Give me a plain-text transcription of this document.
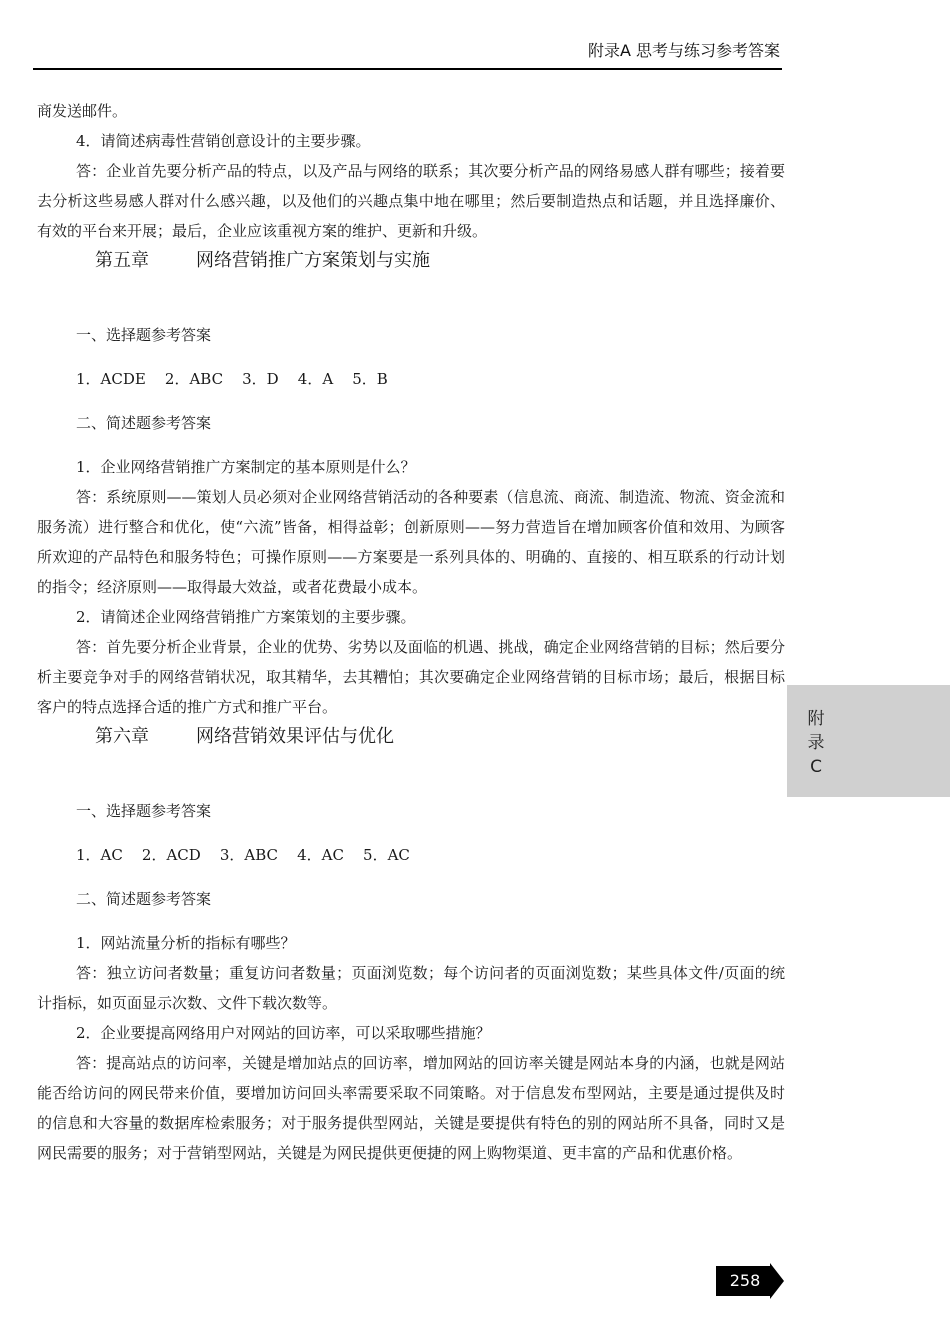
附录A 思考与练习参考答案

商发送邮件。

4．请简述病毒性营销创意设计的主要步骤。

答：企业首先要分析产品的特点，以及产品与网络的联系；其次要分析产品的网络易感人群有哪些；接着要去分析这些易感人群对什么感兴趣，以及他们的兴趣点集中地在哪里；然后要制造热点和话题，并且选择廉价、有效的平台来开展；最后，企业应该重视方案的维护、更新和升级。

第五章	网络营销推广方案策划与实施

一、选择题参考答案

1．ACDE    2．ABC    3．D    4．A    5．B

二、简述题参考答案

1．企业网络营销推广方案制定的基本原则是什么？

答：系统原则——策划人员必须对企业网络营销活动的各种要素（信息流、商流、制造流、物流、资金流和服务流）进行整合和优化，使“六流”皆备，相得益彰；创新原则——努力营造旨在增加顾客价值和效用、为顾客所欢迎的产品特色和服务特色；可操作原则——方案要是一系列具体的、明确的、直接的、相互联系的行动计划的指令；经济原则——取得最大效益，或者花费最小成本。

2．请简述企业网络营销推广方案策划的主要步骤。

答：首先要分析企业背景，企业的优势、劣势以及面临的机遇、挑战，确定企业网络营销的目标；然后要分析主要竞争对手的网络营销状况，取其精华，去其糟怕；其次要确定企业网络营销的目标市场；最后，根据目标客户的特点选择合适的推广方式和推广平台。

第六章	网络营销效果评估与优化

一、选择题参考答案

1．AC    2．ACD    3．ABC    4．AC    5．AC

二、简述题参考答案

1．网站流量分析的指标有哪些？

答：独立访问者数量；重复访问者数量；页面浏览数；每个访问者的页面浏览数；某些具体文件/页面的统计指标，如页面显示次数、文件下载次数等。

2．企业要提高网络用户对网站的回访率，可以采取哪些措施？

答：提高站点的访问率，关键是增加站点的回访率，增加网站的回访率关键是网站本身的内涵，也就是网站能否给访问的网民带来价值，要增加访问回头率需要采取不同策略。对于信息发布型网站，主要是通过提供及时的信息和大容量的数据库检索服务；对于服务提供型网站，关键是要提供有特色的别的网站所不具备，同时又是网民需要的服务；对于营销型网站，关键是为网民提供更便捷的网上购物渠道、更丰富的产品和优惠价格。

附录C
258
